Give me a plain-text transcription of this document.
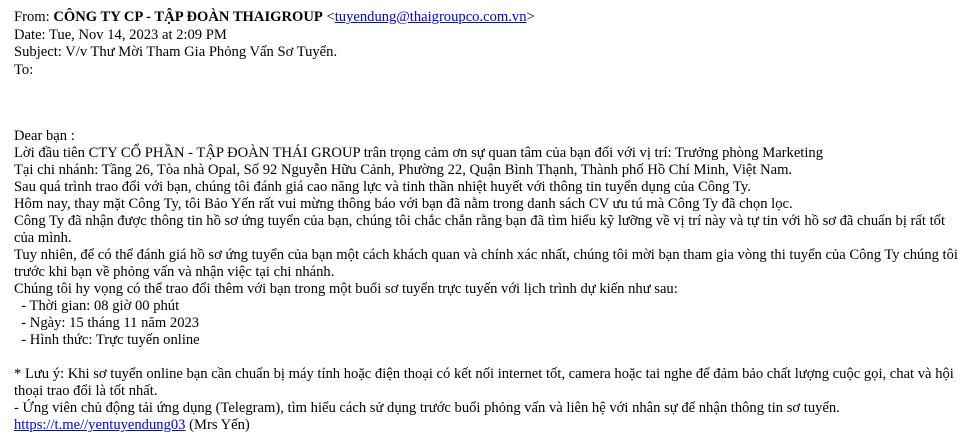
From: CÔNG TY CP - TẬP ĐOÀN THAIGROUP <tuyendung@thaigroupco.com.vn>
Date: Tue, Nov 14, 2023 at 2:09 PM
Subject: V/v Thư Mời Tham Gia Phỏng Vấn Sơ Tuyển.
To:
Dear bạn :
Lời đầu tiên CTY CỔ PHẦN - TẬP ĐOÀN THÁI GROUP trân trọng cảm ơn sự quan tâm của bạn đối với vị trí: Trưởng phòng Marketing
Tại chi nhánh: Tầng 26, Tòa nhà Opal, Số 92 Nguyễn Hữu Cảnh, Phường 22, Quận Bình Thạnh, Thành phố Hồ Chí Minh, Việt Nam.
Sau quá trình trao đổi với bạn, chúng tôi đánh giá cao năng lực và tinh thần nhiệt huyết với thông tin tuyển dụng của Công Ty.
Hôm nay, thay mặt Công Ty, tôi Bảo Yến rất vui mừng thông báo với bạn đã nằm trong danh sách CV ưu tú mà Công Ty đã chọn lọc.
Công Ty đã nhận được thông tin hồ sơ ứng tuyển của bạn, chúng tôi chắc chắn rằng bạn đã tìm hiểu kỹ lưỡng về vị trí này và tự tin với hồ sơ đã chuẩn bị rất tốt của mình.
Tuy nhiên, để có thể đánh giá hồ sơ ứng tuyển của bạn một cách khách quan và chính xác nhất, chúng tôi mời bạn tham gia vòng thi tuyển của Công Ty chúng tôi trước khi bạn về phỏng vấn và nhận việc tại chi nhánh.
Chúng tôi hy vọng có thể trao đổi thêm với bạn trong một buổi sơ tuyển trực tuyến với lịch trình dự kiến như sau:
- Thời gian: 08 giờ 00 phút
- Ngày: 15 tháng 11 năm 2023
- Hình thức: Trực tuyến online
* Lưu ý: Khi sơ tuyển online bạn cần chuẩn bị máy tính hoặc điện thoại có kết nối internet tốt, camera hoặc tai nghe để đảm bảo chất lượng cuộc gọi, chat và hội thoại trao đổi là tốt nhất.
- Ứng viên chủ động tải ứng dụng (Telegram), tìm hiểu cách sử dụng trước buổi phỏng vấn và liên hệ với nhân sự để nhận thông tin sơ tuyển.
https://t.me//yentuyendung03 (Mrs Yến)
